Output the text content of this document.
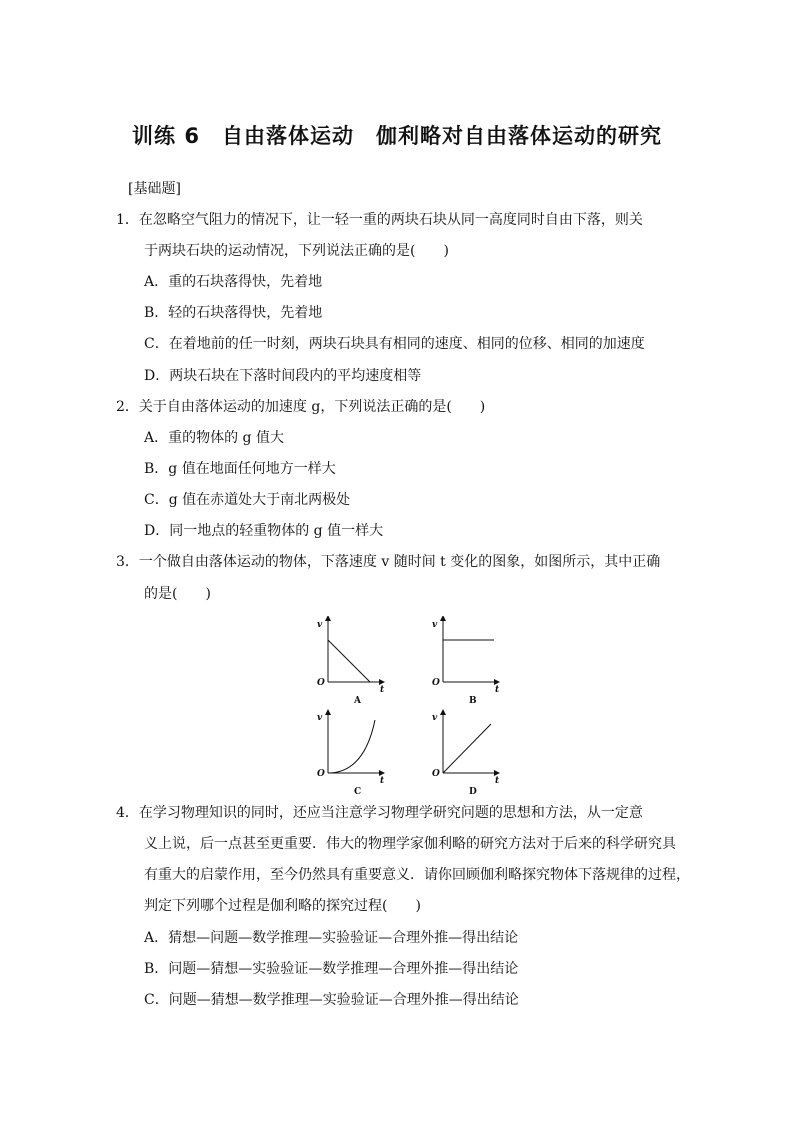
训练 6　自由落体运动　伽利略对自由落体运动的研究
[基础题]
1．在忽略空气阻力的情况下，让一轻一重的两块石块从同一高度同时自由下落，则关
于两块石块的运动情况，下列说法正确的是(　　)
A．重的石块落得快，先着地
B．轻的石块落得快，先着地
C．在着地前的任一时刻，两块石块具有相同的速度、相同的位移、相同的加速度
D．两块石块在下落时间段内的平均速度相等
2．关于自由落体运动的加速度 g，下列说法正确的是(　　)
A．重的物体的 g 值大
B．g 值在地面任何地方一样大
C．g 值在赤道处大于南北两极处
D．同一地点的轻重物体的 g 值一样大
3．一个做自由落体运动的物体，下落速度 v 随时间 t 变化的图象，如图所示，其中正确
的是(　　)
v
t
O
A
v
t
O
B
v
t
O
C
v
t
O
D
4．在学习物理知识的同时，还应当注意学习物理学研究问题的思想和方法，从一定意
义上说，后一点甚至更重要．伟大的物理学家伽利略的研究方法对于后来的科学研究具
有重大的启蒙作用，至今仍然具有重要意义．请你回顾伽利略探究物体下落规律的过程，
判定下列哪个过程是伽利略的探究过程(　　)
A．猜想—问题—数学推理—实验验证—合理外推—得出结论
B．问题—猜想—实验验证—数学推理—合理外推—得出结论
C．问题—猜想—数学推理—实验验证—合理外推—得出结论
